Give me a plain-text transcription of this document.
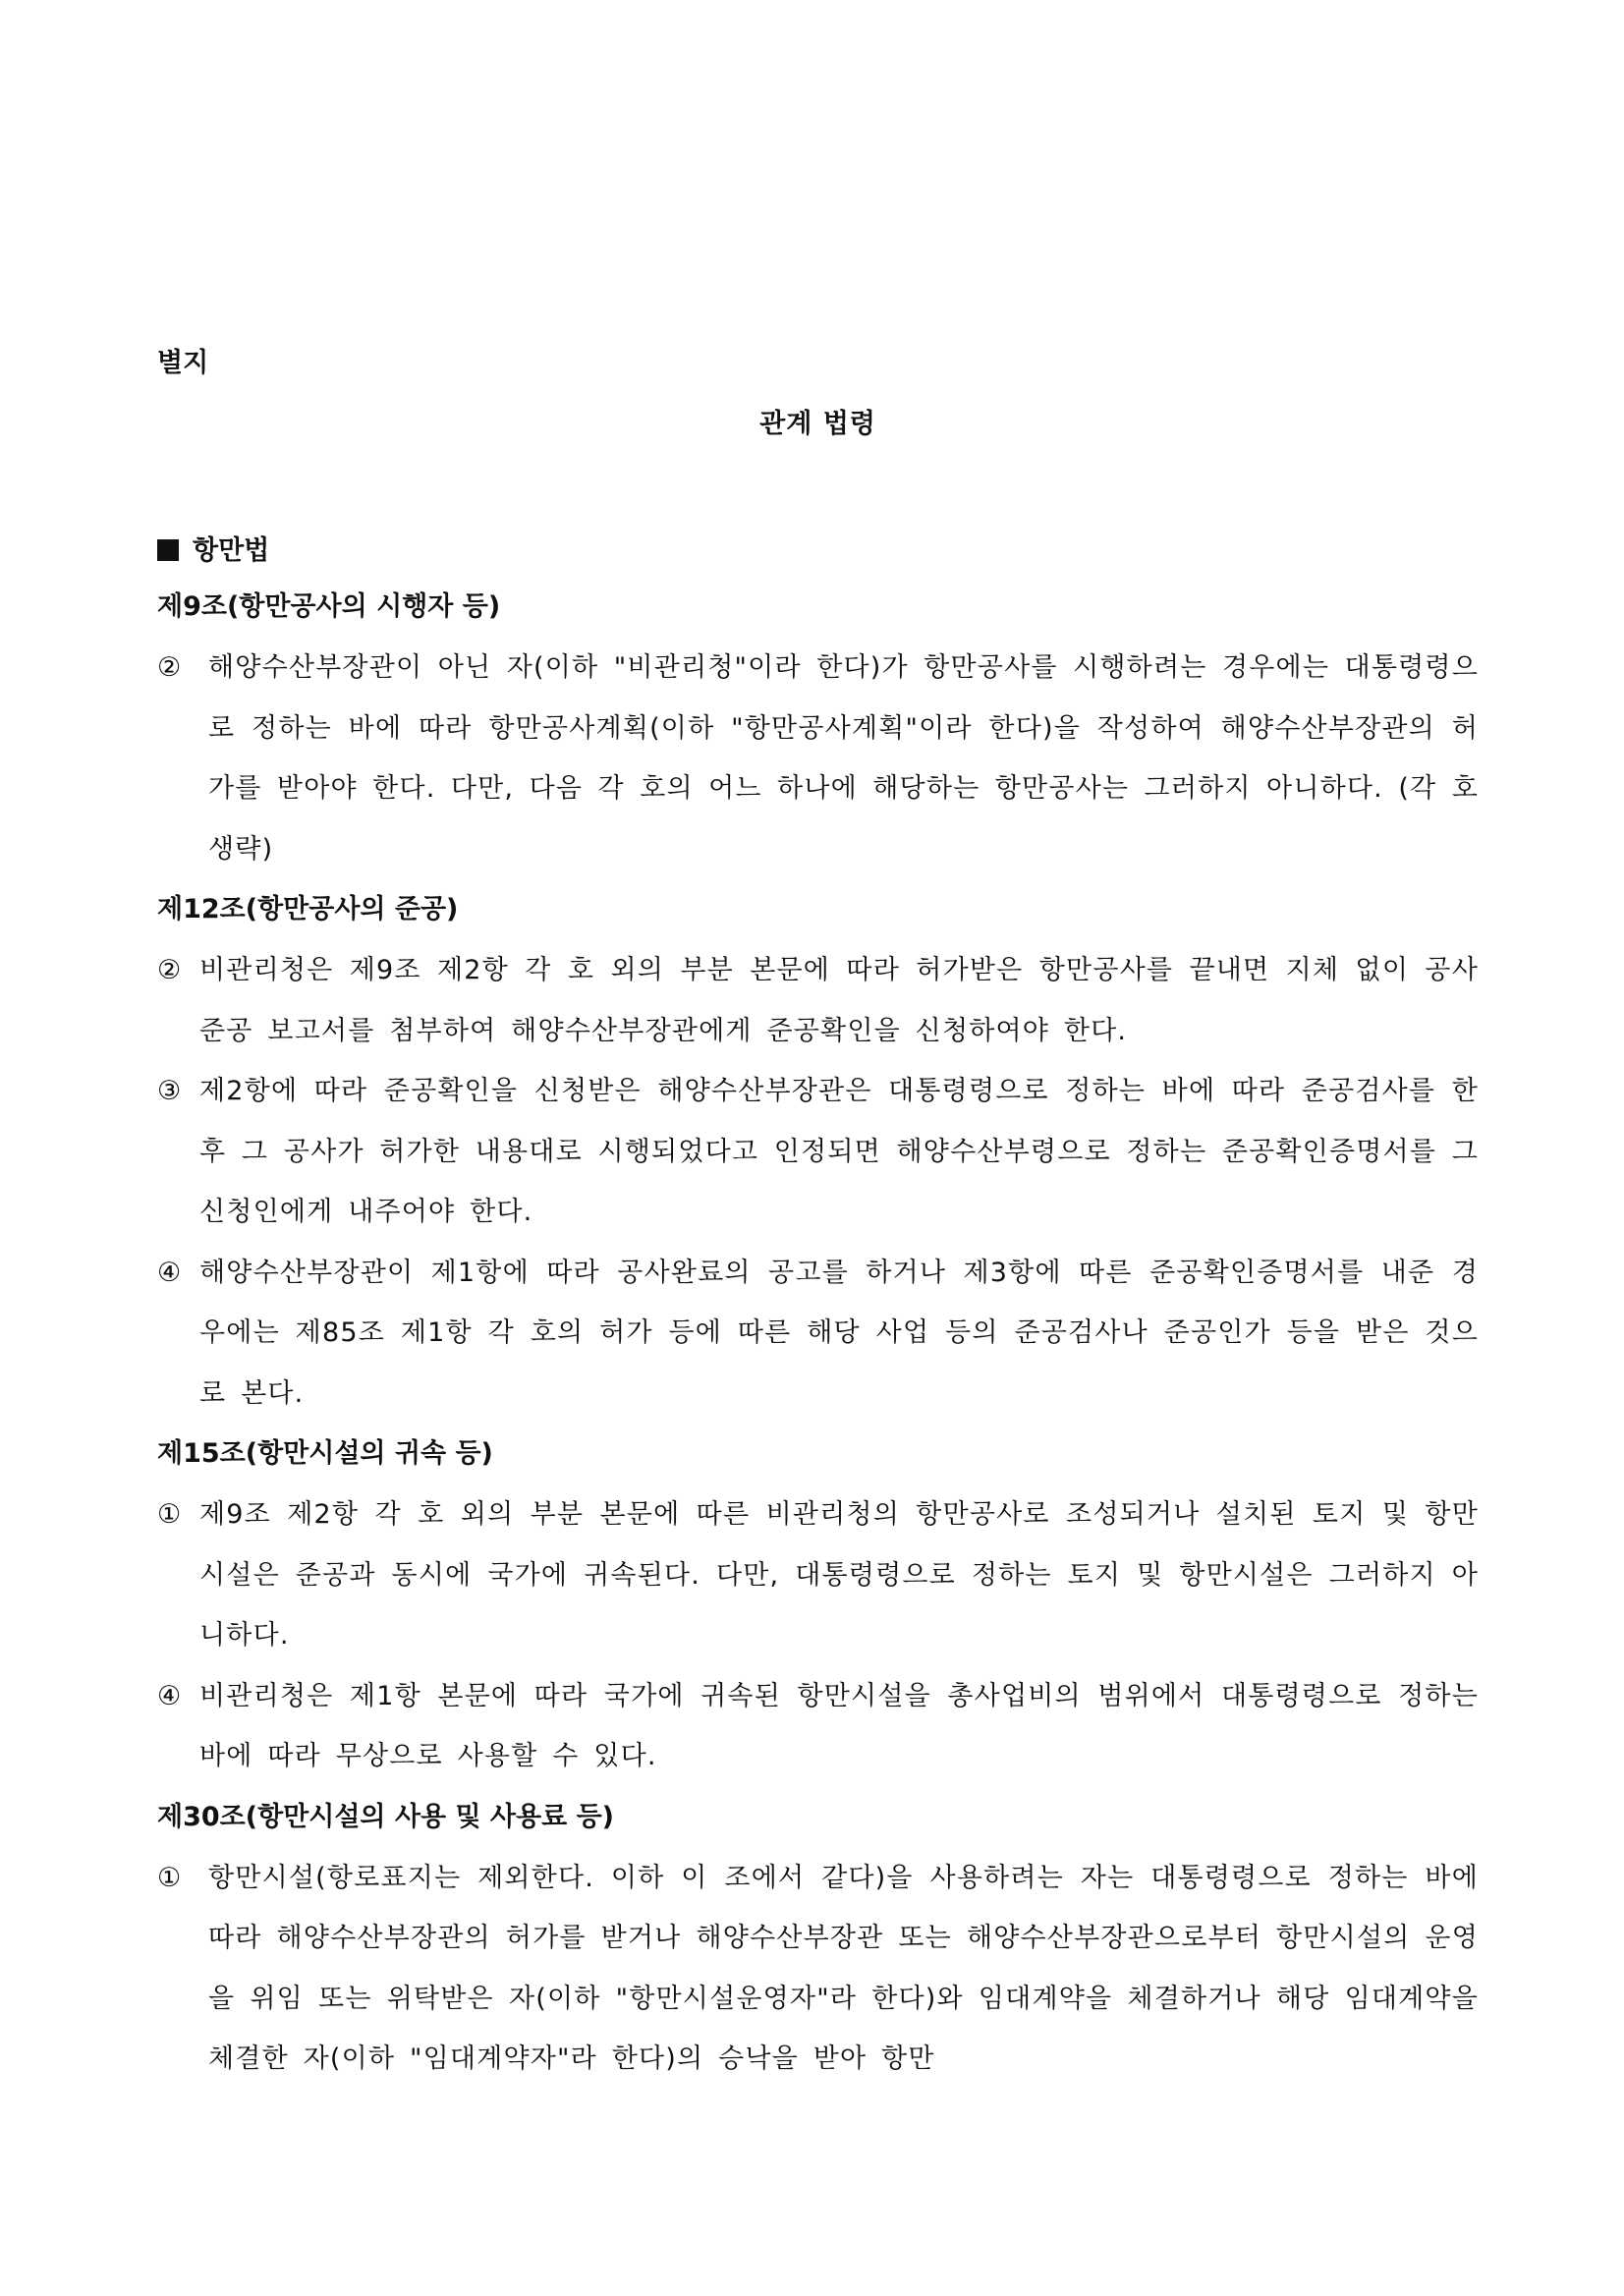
별지

관계 법령

항만법

제9조(항만공사의 시행자 등)

② 해양수산부장관이 아닌 자(이하 "비관리청"이라 한다)가 항만공사를 시행하려는 경우에는 대통령령으로 정하는 바에 따라 항만공사계획(이하 "항만공사계획"이라 한다)을 작성하여 해양수산부장관의 허가를 받아야 한다. 다만, 다음 각 호의 어느 하나에 해당하는 항만공사는 그러하지 아니하다. (각 호 생략)

제12조(항만공사의 준공)

② 비관리청은 제9조 제2항 각 호 외의 부분 본문에 따라 허가받은 항만공사를 끝내면 지체 없이 공사준공 보고서를 첨부하여 해양수산부장관에게 준공확인을 신청하여야 한다.

③ 제2항에 따라 준공확인을 신청받은 해양수산부장관은 대통령령으로 정하는 바에 따라 준공검사를 한 후 그 공사가 허가한 내용대로 시행되었다고 인정되면 해양수산부령으로 정하는 준공확인증명서를 그 신청인에게 내주어야 한다.

④ 해양수산부장관이 제1항에 따라 공사완료의 공고를 하거나 제3항에 따른 준공확인증명서를 내준 경우에는 제85조 제1항 각 호의 허가 등에 따른 해당 사업 등의 준공검사나 준공인가 등을 받은 것으로 본다.

제15조(항만시설의 귀속 등)

① 제9조 제2항 각 호 외의 부분 본문에 따른 비관리청의 항만공사로 조성되거나 설치된 토지 및 항만시설은 준공과 동시에 국가에 귀속된다. 다만, 대통령령으로 정하는 토지 및 항만시설은 그러하지 아니하다.

④ 비관리청은 제1항 본문에 따라 국가에 귀속된 항만시설을 총사업비의 범위에서 대통령령으로 정하는 바에 따라 무상으로 사용할 수 있다.

제30조(항만시설의 사용 및 사용료 등)

① 항만시설(항로표지는 제외한다. 이하 이 조에서 같다)을 사용하려는 자는 대통령령으로 정하는 바에 따라 해양수산부장관의 허가를 받거나 해양수산부장관 또는 해양수산부장관으로부터 항만시설의 운영을 위임 또는 위탁받은 자(이하 "항만시설운영자"라 한다)와 임대계약을 체결하거나 해당 임대계약을 체결한 자(이하 "임대계약자"라 한다)의 승낙을 받아 항만
